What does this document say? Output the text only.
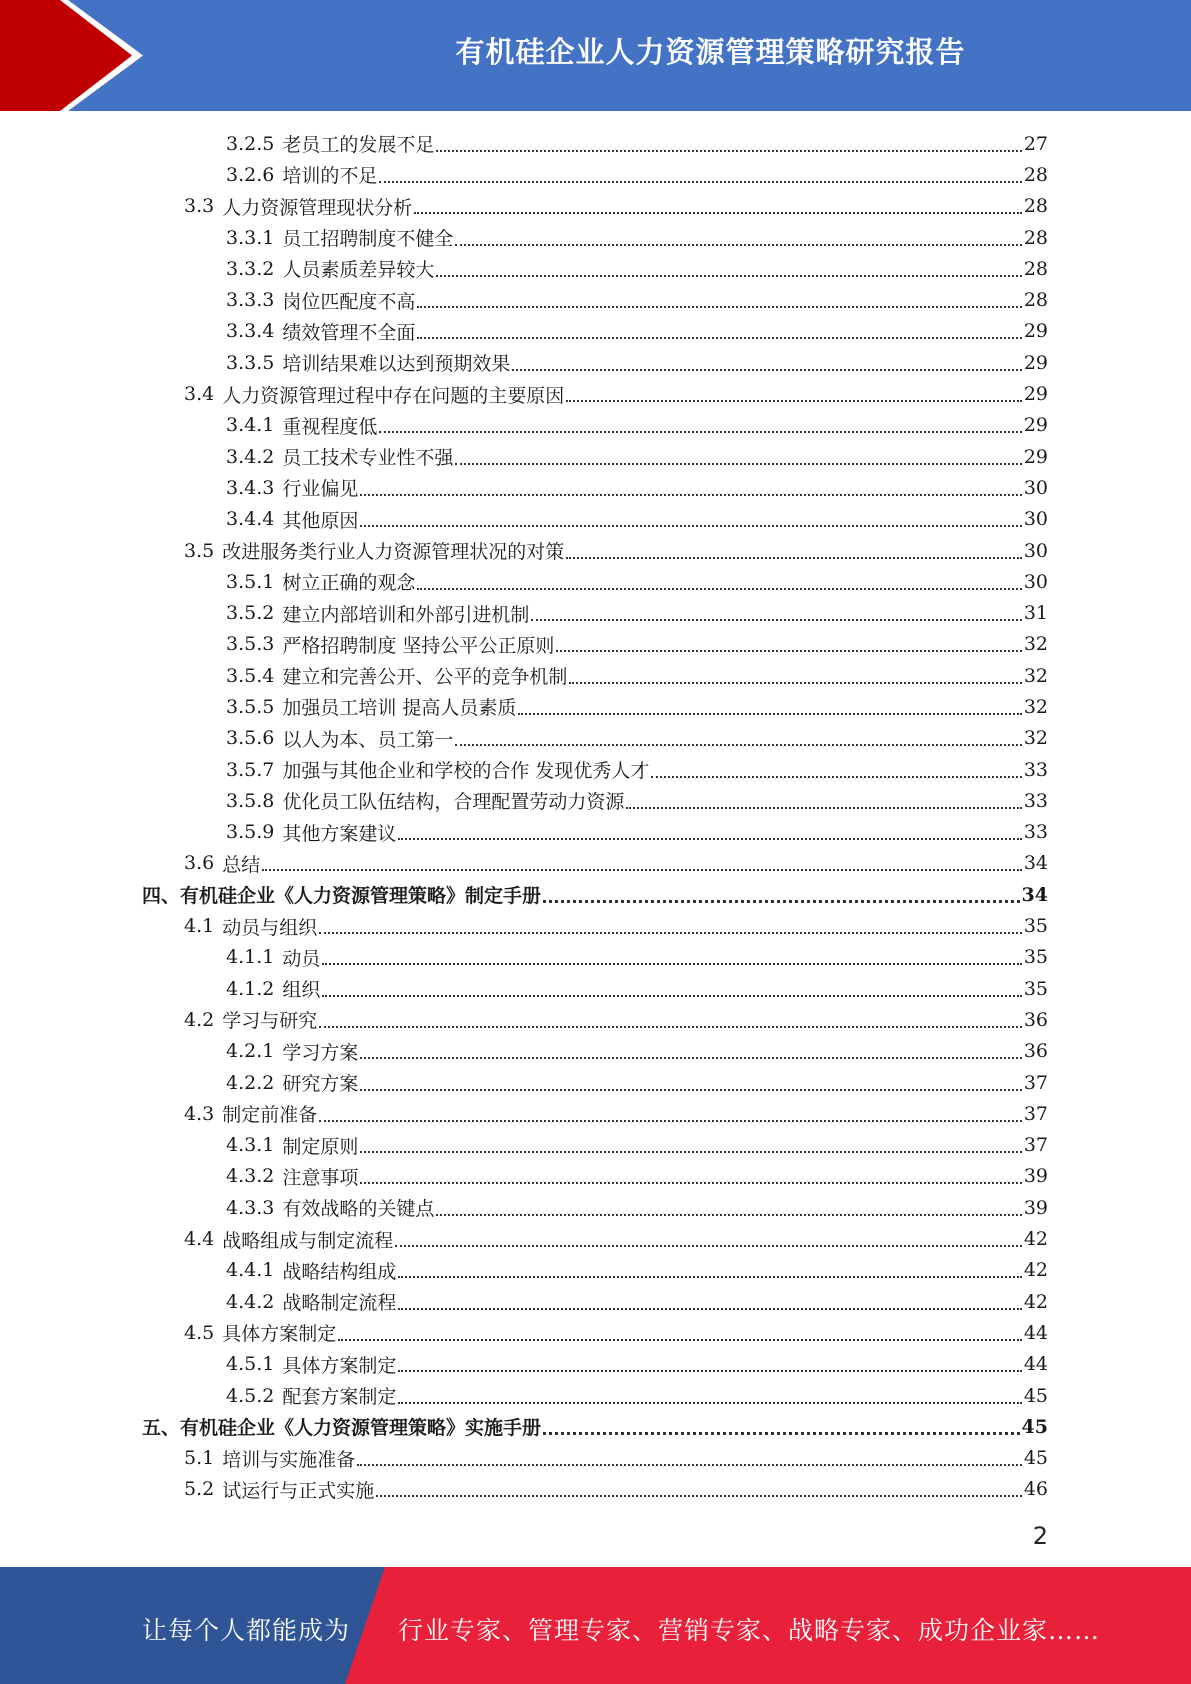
有机硅企业人力资源管理策略研究报告
3.2.5 老员工的发展不足	27
3.2.6 培训的不足	28
3.3 人力资源管理现状分析	28
3.3.1 员工招聘制度不健全	28
3.3.2 人员素质差异较大	28
3.3.3 岗位匹配度不高	28
3.3.4 绩效管理不全面	29
3.3.5 培训结果难以达到预期效果	29
3.4 人力资源管理过程中存在问题的主要原因	29
3.4.1 重视程度低	29
3.4.2 员工技术专业性不强	29
3.4.3 行业偏见	30
3.4.4 其他原因	30
3.5 改进服务类行业人力资源管理状况的对策	30
3.5.1 树立正确的观念	30
3.5.2 建立内部培训和外部引进机制	31
3.5.3 严格招聘制度 坚持公平公正原则	32
3.5.4 建立和完善公开、公平的竞争机制	32
3.5.5 加强员工培训 提高人员素质	32
3.5.6 以人为本、员工第一	32
3.5.7 加强与其他企业和学校的合作 发现优秀人才	33
3.5.8 优化员工队伍结构，合理配置劳动力资源	33
3.5.9 其他方案建议	33
3.6 总结	34
四、 有机硅企业《人力资源管理策略》制定手册	34
4.1 动员与组织	35
4.1.1 动员	35
4.1.2 组织	35
4.2 学习与研究	36
4.2.1 学习方案	36
4.2.2 研究方案	37
4.3 制定前准备	37
4.3.1 制定原则	37
4.3.2 注意事项	39
4.3.3 有效战略的关键点	39
4.4 战略组成与制定流程	42
4.4.1 战略结构组成	42
4.4.2 战略制定流程	42
4.5 具体方案制定	44
4.5.1 具体方案制定	44
4.5.2 配套方案制定	45
五、 有机硅企业《人力资源管理策略》实施手册	45
5.1 培训与实施准备	45
5.2 试运行与正式实施	46
2
让每个人都能成为 行业专家、管理专家、营销专家、战略专家、成功企业家……
